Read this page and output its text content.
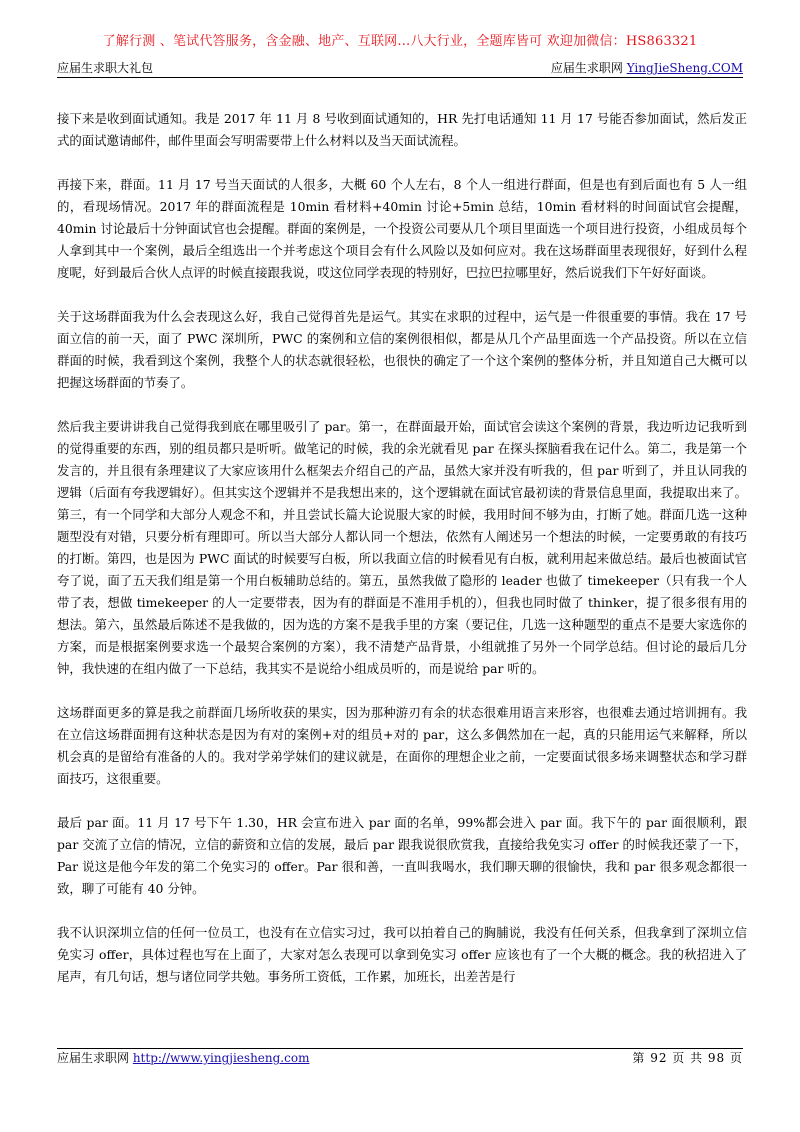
了解行测 、笔试代答服务，含金融、地产、互联网...八大行业，全题库皆可 欢迎加微信：HS863321
应届生求职大礼包	应届生求职网 YingJieSheng.COM

接下来是收到面试通知。我是 2017 年 11 月 8 号收到面试通知的，HR 先打电话通知 11 月 17 号能否参加面试，然后发正式的面试邀请邮件，邮件里面会写明需要带上什么材料以及当天面试流程。

再接下来，群面。11 月 17 号当天面试的人很多，大概 60 个人左右，8 个人一组进行群面，但是也有到后面也有 5 人一组的，看现场情况。2017 年的群面流程是 10min 看材料+40min 讨论+5min 总结，10min 看材料的时间面试官会提醒，40min 讨论最后十分钟面试官也会提醒。群面的案例是，一个投资公司要从几个项目里面选一个项目进行投资，小组成员每个人拿到其中一个案例，最后全组选出一个并考虑这个项目会有什么风险以及如何应对。我在这场群面里表现很好，好到什么程度呢，好到最后合伙人点评的时候直接跟我说，哎这位同学表现的特别好，巴拉巴拉哪里好，然后说我们下午好好面谈。

关于这场群面我为什么会表现这么好，我自己觉得首先是运气。其实在求职的过程中，运气是一件很重要的事情。我在 17 号面立信的前一天，面了 PWC 深圳所，PWC 的案例和立信的案例很相似，都是从几个产品里面选一个产品投资。所以在立信群面的时候，我看到这个案例，我整个人的状态就很轻松，也很快的确定了一个这个案例的整体分析，并且知道自己大概可以把握这场群面的节奏了。

然后我主要讲讲我自己觉得我到底在哪里吸引了 par。第一，在群面最开始，面试官会读这个案例的背景，我边听边记我听到的觉得重要的东西，别的组员都只是听听。做笔记的时候，我的余光就看见 par 在探头探脑看我在记什么。第二，我是第一个发言的，并且很有条理建议了大家应该用什么框架去介绍自己的产品，虽然大家并没有听我的，但 par 听到了，并且认同我的逻辑（后面有夸我逻辑好）。但其实这个逻辑并不是我想出来的，这个逻辑就在面试官最初读的背景信息里面，我提取出来了。第三，有一个同学和大部分人观念不和，并且尝试长篇大论说服大家的时候，我用时间不够为由，打断了她。群面几选一这种题型没有对错，只要分析有理即可。所以当大部分人都认同一个想法，依然有人阐述另一个想法的时候，一定要勇敢的有技巧的打断。第四，也是因为 PWC 面试的时候要写白板，所以我面立信的时候看见有白板，就利用起来做总结。最后也被面试官夸了说，面了五天我们组是第一个用白板辅助总结的。第五，虽然我做了隐形的 leader 也做了 timekeeper（只有我一个人带了表，想做 timekeeper 的人一定要带表，因为有的群面是不准用手机的），但我也同时做了 thinker，提了很多很有用的想法。第六，虽然最后陈述不是我做的，因为选的方案不是我手里的方案（要记住，几选一这种题型的重点不是要大家选你的方案，而是根据案例要求选一个最契合案例的方案），我不清楚产品背景，小组就推了另外一个同学总结。但讨论的最后几分钟，我快速的在组内做了一下总结，我其实不是说给小组成员听的，而是说给 par 听的。

这场群面更多的算是我之前群面几场所收获的果实，因为那种游刃有余的状态很难用语言来形容，也很难去通过培训拥有。我在立信这场群面拥有这种状态是因为有对的案例+对的组员+对的 par，这么多偶然加在一起，真的只能用运气来解释，所以机会真的是留给有准备的人的。我对学弟学妹们的建议就是，在面你的理想企业之前，一定要面试很多场来调整状态和学习群面技巧，这很重要。

最后 par 面。11 月 17 号下午 1.30，HR 会宣布进入 par 面的名单，99%都会进入 par 面。我下午的 par 面很顺利，跟 par 交流了立信的情况，立信的薪资和立信的发展，最后 par 跟我说很欣赏我，直接给我免实习 offer 的时候我还蒙了一下，Par 说这是他今年发的第二个免实习的 offer。Par 很和善，一直叫我喝水，我们聊天聊的很愉快，我和 par 很多观念都很一致，聊了可能有 40 分钟。

我不认识深圳立信的任何一位员工，也没有在立信实习过，我可以拍着自己的胸脯说，我没有任何关系，但我拿到了深圳立信免实习 offer，具体过程也写在上面了，大家对怎么表现可以拿到免实习 offer 应该也有了一个大概的概念。我的秋招进入了尾声，有几句话，想与诸位同学共勉。事务所工资低，工作累，加班长，出差苦是行

应届生求职网 http://www.yingjiesheng.com	第 92 页 共 98 页
